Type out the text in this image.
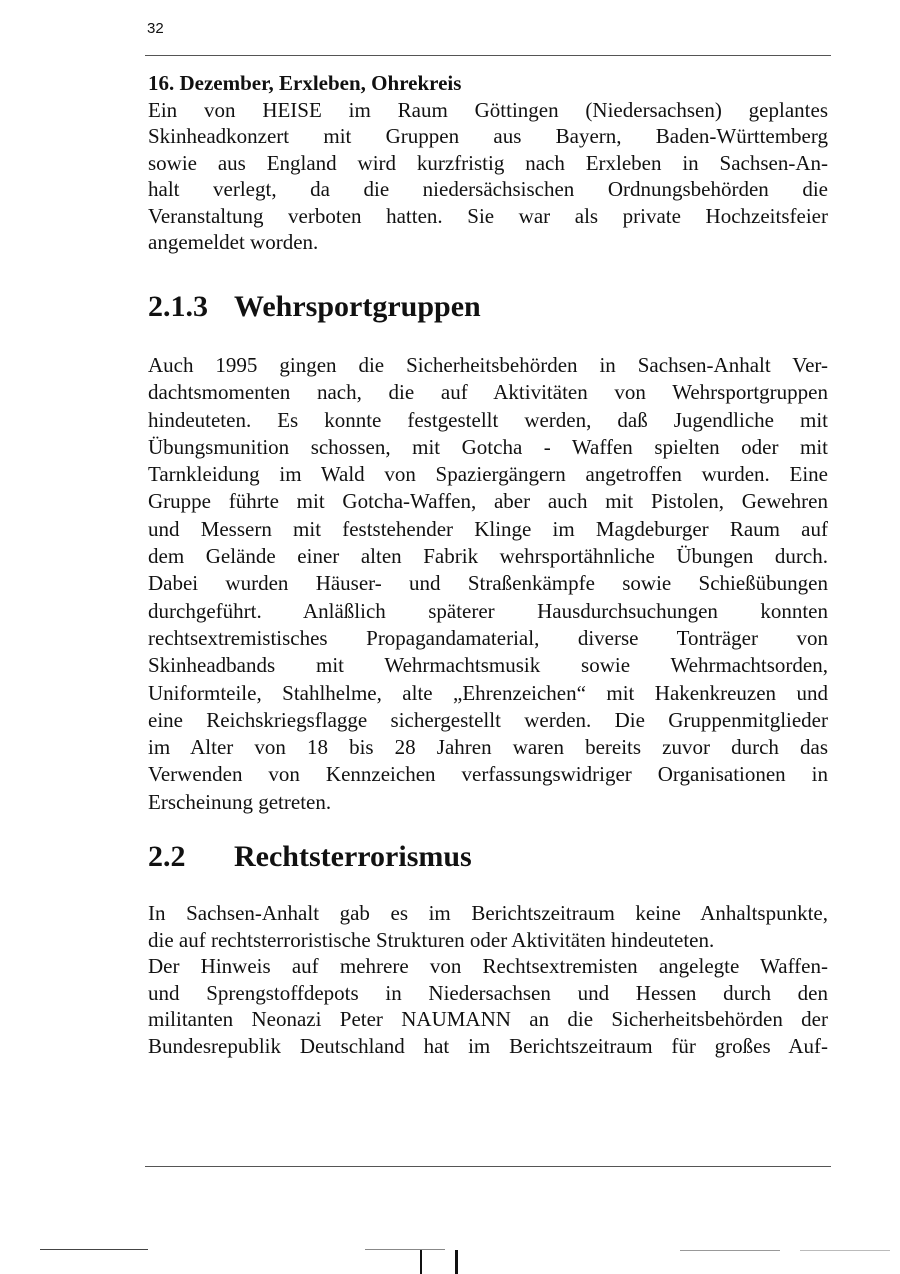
32
16. Dezember, Erxleben, Ohrekreis
Ein von HEISE im Raum Göttingen (Niedersachsen) geplantes
Skinheadkonzert mit Gruppen aus Bayern, Baden-Württemberg
sowie aus England wird kurzfristig nach Erxleben in Sachsen-An-
halt verlegt, da die niedersächsischen Ordnungsbehörden die
Veranstaltung verboten hatten. Sie war als private Hochzeitsfeier
angemeldet worden.
2.1.3 Wehrsportgruppen
Auch 1995 gingen die Sicherheitsbehörden in Sachsen-Anhalt Ver-
dachtsmomenten nach, die auf Aktivitäten von Wehrsportgruppen
hindeuteten. Es konnte festgestellt werden, daß Jugendliche mit
Übungsmunition schossen, mit Gotcha - Waffen spielten oder mit
Tarnkleidung im Wald von Spaziergängern angetroffen wurden. Eine
Gruppe führte mit Gotcha-Waffen, aber auch mit Pistolen, Gewehren
und Messern mit feststehender Klinge im Magdeburger Raum auf
dem Gelände einer alten Fabrik wehrsportähnliche Übungen durch.
Dabei wurden Häuser- und Straßenkämpfe sowie Schießübungen
durchgeführt. Anläßlich späterer Hausdurchsuchungen konnten
rechtsextremistisches Propagandamaterial, diverse Tonträger von
Skinheadbands mit Wehrmachtsmusik sowie Wehrmachtsorden,
Uniformteile, Stahlhelme, alte „Ehrenzeichen“ mit Hakenkreuzen und
eine Reichskriegsflagge sichergestellt werden. Die Gruppenmitglieder
im Alter von 18 bis 28 Jahren waren bereits zuvor durch das
Verwenden von Kennzeichen verfassungswidriger Organisationen in
Erscheinung getreten.
2.2 Rechtsterrorismus
In Sachsen-Anhalt gab es im Berichtszeitraum keine Anhaltspunkte,
die auf rechtsterroristische Strukturen oder Aktivitäten hindeuteten.
Der Hinweis auf mehrere von Rechtsextremisten angelegte Waffen-
und Sprengstoffdepots in Niedersachsen und Hessen durch den
militanten Neonazi Peter NAUMANN an die Sicherheitsbehörden der
Bundesrepublik Deutschland hat im Berichtszeitraum für großes Auf-
